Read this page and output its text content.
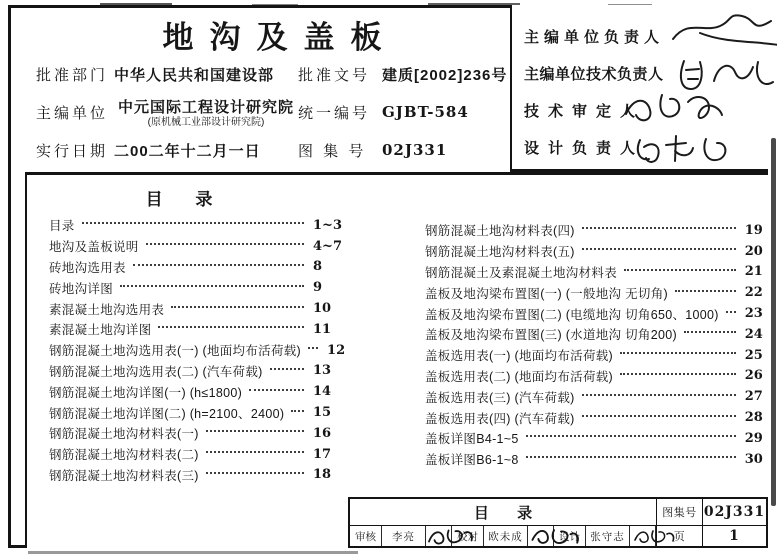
地沟及盖板
批准部门 中华人民共和国建设部	批准文号 建质[2002]236号
主编单位 中元国际工程设计研究院
(原机械工业部设计研究院)
统一编号 GJBT-584
实行日期 二00二年十二月一日	图 集 号	02J331
主编单位负责人
主编单位技术负责人
技术审定人
设计负责人
目 录
目录	1~3
地沟及盖板说明	4~7
砖地沟选用表	8
砖地沟详图	9
素混凝土地沟选用表	10
素混凝土地沟详图	11
钢筋混凝土地沟选用表(一) (地面均布活荷载)	12
钢筋混凝土地沟选用表(二) (汽车荷载)	13
钢筋混凝土地沟详图(一) (h≤1800)	14
钢筋混凝土地沟详图(二) (h=2100、2400)	15
钢筋混凝土地沟材料表(一)	16
钢筋混凝土地沟材料表(二)	17
钢筋混凝土地沟材料表(三)	18
钢筋混凝土地沟材料表(四)	19
钢筋混凝土地沟材料表(五)	20
钢筋混凝土及素混凝土地沟材料表	21
盖板及地沟梁布置图(一) (一般地沟 无切角)	22
盖板及地沟梁布置图(二) (电缆地沟 切角650、1000)	23
盖板及地沟梁布置图(三) (水道地沟 切角200)	24
盖板选用表(一) (地面均布活荷载)	25
盖板选用表(二) (地面均布活荷载)	26
盖板选用表(三) (汽车荷载)	27
盖板选用表(四) (汽车荷载)	28
盖板详图B4-1~5	29
盖板详图B6-1~8	30
目 录	图集号 02J331
审核	李亮	校对 欧未成	设计 张守志	页	1
